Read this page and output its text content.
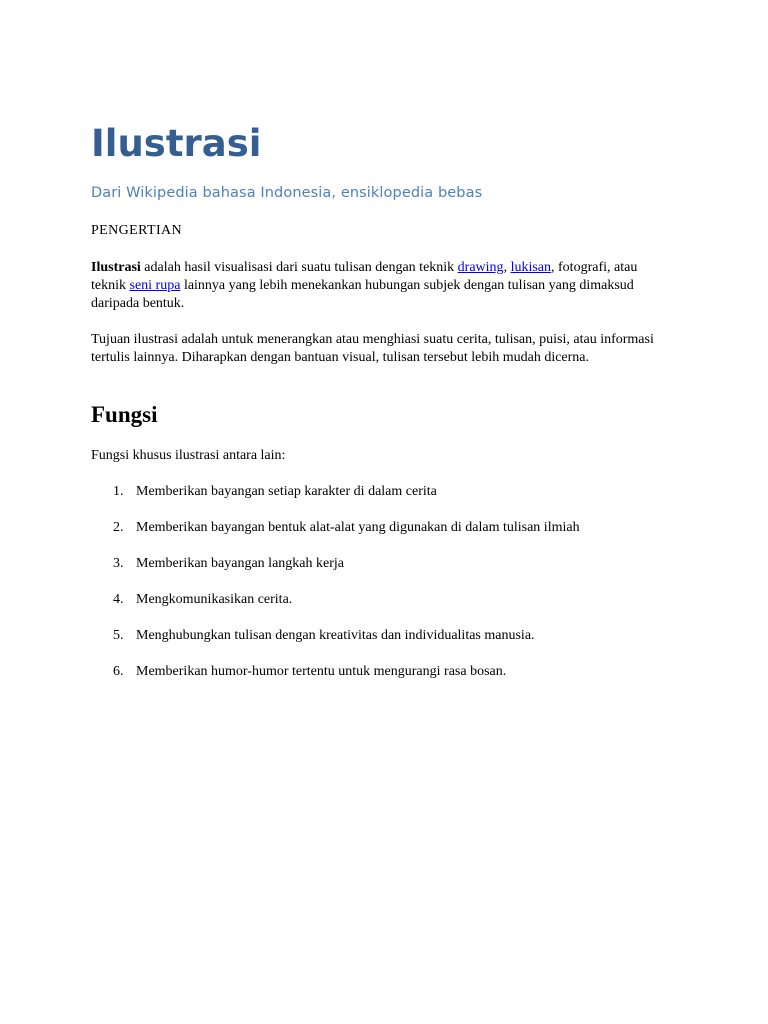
Ilustrasi

Dari Wikipedia bahasa Indonesia, ensiklopedia bebas

PENGERTIAN

Ilustrasi adalah hasil visualisasi dari suatu tulisan dengan teknik drawing, lukisan, fotografi, atau teknik seni rupa lainnya yang lebih menekankan hubungan subjek dengan tulisan yang dimaksud daripada bentuk.

Tujuan ilustrasi adalah untuk menerangkan atau menghiasi suatu cerita, tulisan, puisi, atau informasi tertulis lainnya. Diharapkan dengan bantuan visual, tulisan tersebut lebih mudah dicerna.

Fungsi

Fungsi khusus ilustrasi antara lain:

1. Memberikan bayangan setiap karakter di dalam cerita
2. Memberikan bayangan bentuk alat-alat yang digunakan di dalam tulisan ilmiah
3. Memberikan bayangan langkah kerja
4. Mengkomunikasikan cerita.
5. Menghubungkan tulisan dengan kreativitas dan individualitas manusia.
6. Memberikan humor-humor tertentu untuk mengurangi rasa bosan.
